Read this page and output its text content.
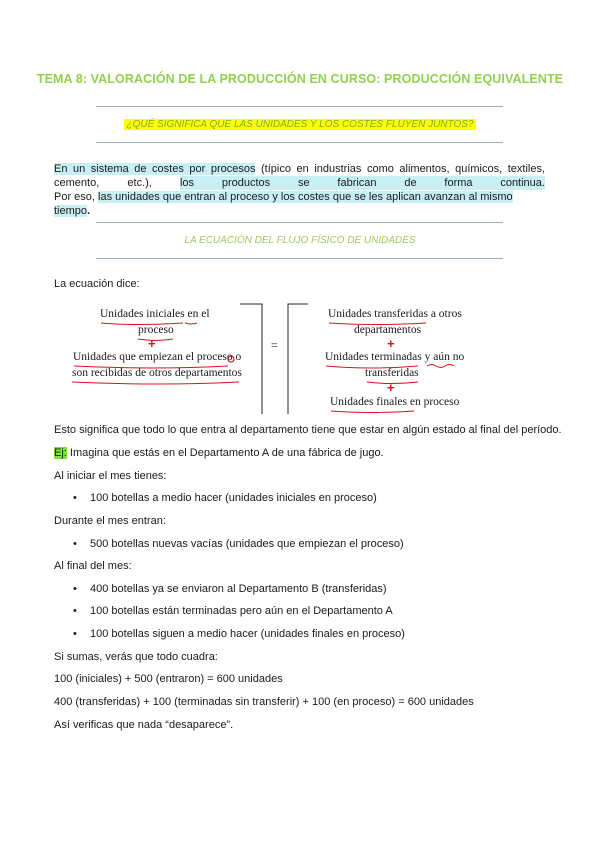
TEMA 8: VALORACIÓN DE LA PRODUCCIÓN EN CURSO: PRODUCCIÓN EQUIVALENTE
¿QUÉ SIGNIFICA QUE LAS UNIDADES Y LOS COSTES FLUYEN JUNTOS?
En un sistema de costes por procesos (típico en industrias como alimentos, químicos, textiles,
cemento,	etc.),	los productos se fabrican de forma continua.
Por eso, las unidades que entran al proceso y los costes que se les aplican avanzan al mismo tiempo.
LA ECUACIÓN DEL FLUJO FÍSICO DE UNIDADES
La ecuación dice:
Unidades iniciales en el
proceso
+
Unidades que empiezan el proceso o
son recibidas de otros departamentos
=
Unidades transferidas a otros
departamentos
+
Unidades terminadas y aún no
transferidas
+
Unidades finales en proceso
Esto significa que todo lo que entra al departamento tiene que estar en algún estado al final del período.
Ej: Imagina que estás en el Departamento A de una fábrica de jugo.
Al iniciar el mes tienes:
• 100 botellas a medio hacer (unidades iniciales en proceso)
Durante el mes entran:
• 500 botellas nuevas vacías (unidades que empiezan el proceso)
Al final del mes:
• 400 botellas ya se enviaron al Departamento B (transferidas)
• 100 botellas están terminadas pero aún en el Departamento A
• 100 botellas siguen a medio hacer (unidades finales en proceso)
Si sumas, verás que todo cuadra:
100 (iniciales) + 500 (entraron) = 600 unidades
400 (transferidas) + 100 (terminadas sin transferir) + 100 (en proceso) = 600 unidades
Así verificas que nada “desaparece”.
